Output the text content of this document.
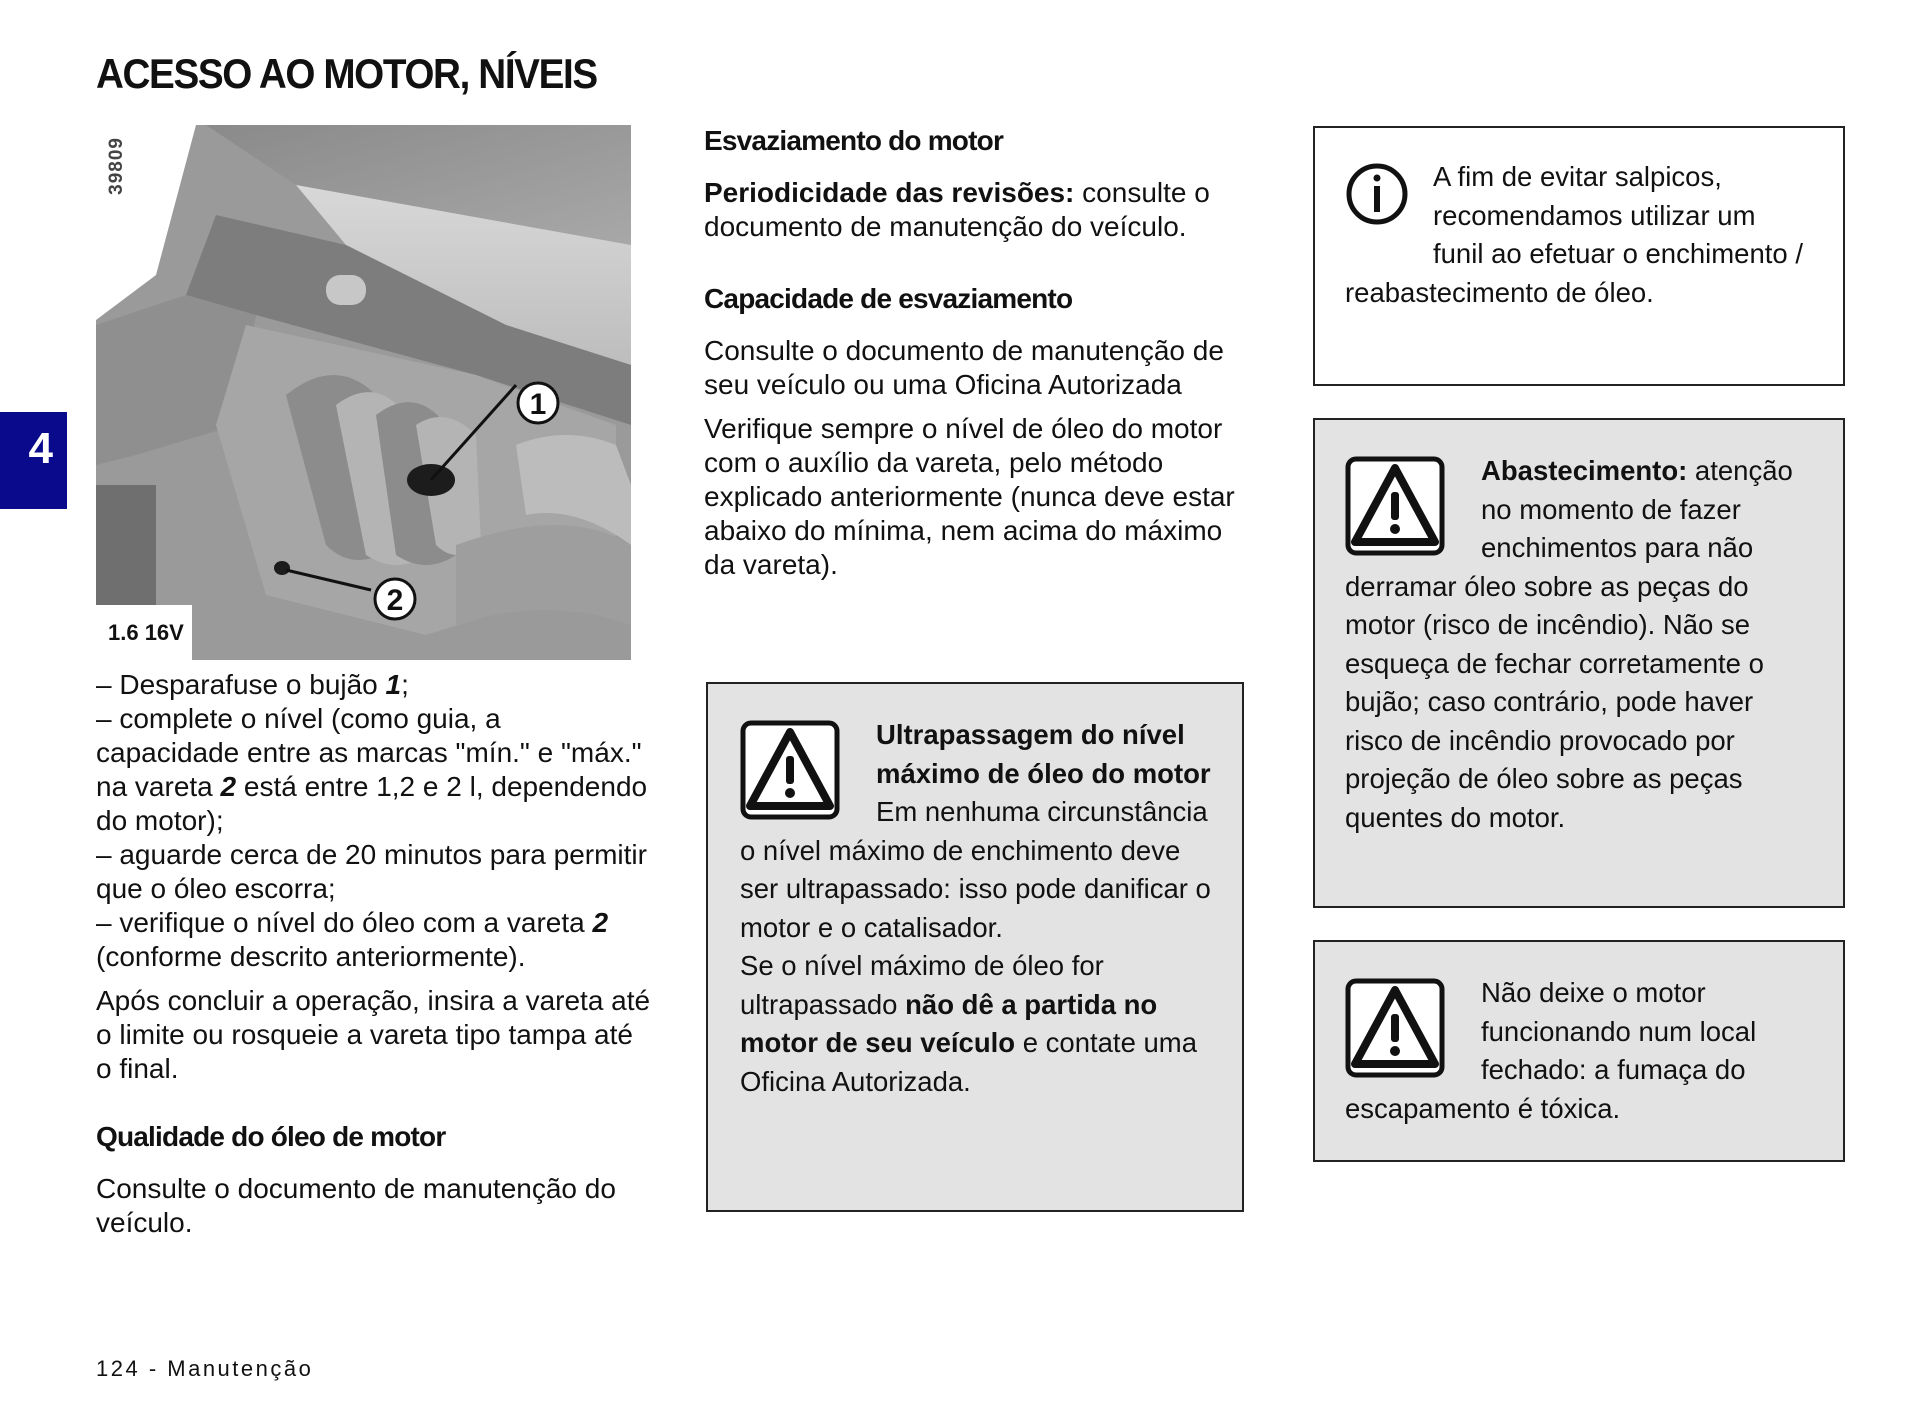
ACESSO AO MOTOR, NÍVEIS
4
1
2
39809
1.6 16V

– Desparafuse o bujão 1;

– complete o nível (como guia, a capacidade entre as marcas "mín." e "máx." na vareta 2 está entre 1,2 e 2 l, dependendo do motor);

– aguarde cerca de 20 minutos para permitir que o óleo escorra;

– verifique o nível do óleo com a vareta 2 (conforme descrito anteriormente).

Após concluir a operação, insira a vareta até o limite ou rosqueie a vareta tipo tampa até o final.

Qualidade do óleo de motor

Consulte o documento de manutenção do veículo.

Esvaziamento do motor

Periodicidade das revisões: consulte o documento de manutenção do veículo.

Capacidade de esvaziamento

Consulte o documento de manutenção de seu veículo ou uma Oficina Autorizada

Verifique sempre o nível de óleo do motor com o auxílio da vareta, pelo método explicado anteriormente (nunca deve estar abaixo do mínima, nem acima do máximo da vareta).

Ultrapassagem do nível máximo de óleo do motor
Em nenhuma circunstância o nível máximo de enchimento deve ser ultrapassado: isso pode danificar o motor e o catalisador.
Se o nível máximo de óleo for ultrapassado não dê a partida no motor de seu veículo e contate uma Oficina Autorizada.
A fim de evitar salpicos, recomendamos utilizar um funil ao efetuar o enchimento / reabastecimento de óleo.
Abastecimento: atenção no momento de fazer enchimentos para não derramar óleo sobre as peças do motor (risco de incêndio). Não se esqueça de fechar corretamente o bujão; caso contrário, pode haver risco de incêndio provocado por projeção de óleo sobre as peças quentes do motor.
Não deixe o motor funcionando num local fechado: a fumaça do escapamento é tóxica.
124 - Manutenção
